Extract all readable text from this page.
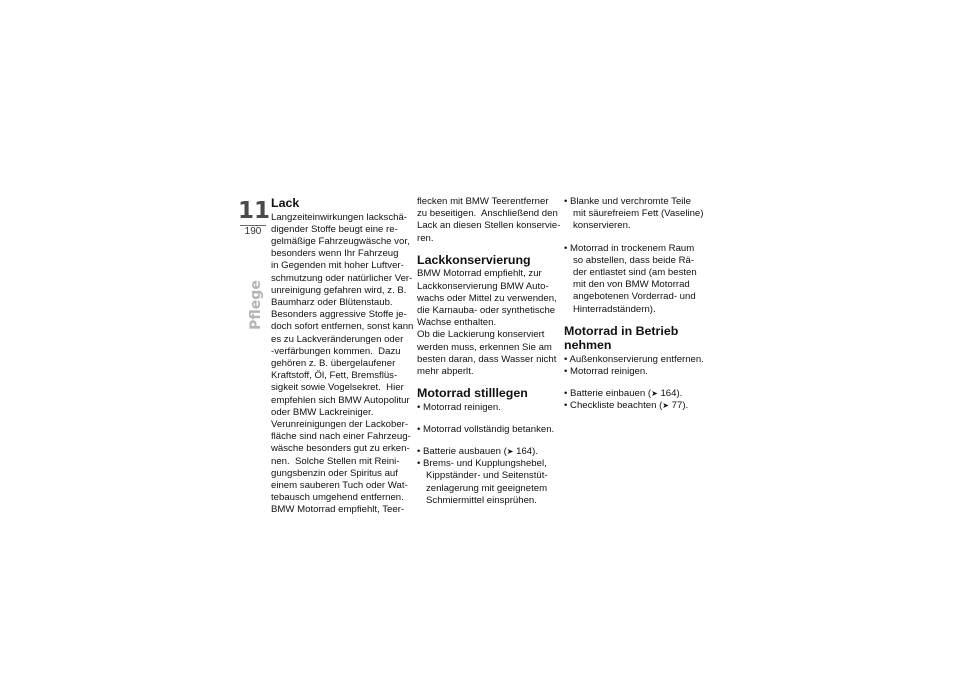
11
190
Pflege
Lack

Langzeiteinwirkungen lackschä-
digender Stoffe beugt eine re-
gelmäßige Fahrzeugwäsche vor,
besonders wenn Ihr Fahrzeug
in Gegenden mit hoher Luftver-
schmutzung oder natürlicher Ver-
unreinigung gefahren wird, z. B.
Baumharz oder Blütenstaub.
Besonders aggressive Stoffe je-
doch sofort entfernen, sonst kann
es zu Lackveränderungen oder
-verfärbungen kommen.  Dazu
gehören z. B. übergelaufener
Kraftstoff, Öl, Fett, Bremsflüs-
sigkeit sowie Vogelsekret.  Hier
empfehlen sich BMW Autopolitur
oder BMW Lackreiniger.
Verunreinigungen der Lackober-
fläche sind nach einer Fahrzeug-
wäsche besonders gut zu erken-
nen.  Solche Stellen mit Reini-
gungsbenzin oder Spiritus auf
einem sauberen Tuch oder Wat-
tebausch umgehend entfernen.
BMW Motorrad empfiehlt, Teer-

flecken mit BMW Teerentferner
zu beseitigen.  Anschließend den
Lack an diesen Stellen konservie-
ren.

Lackkonservierung

BMW Motorrad empfiehlt, zur
Lackkonservierung BMW Auto-
wachs oder Mittel zu verwenden,
die Karnauba- oder synthetische
Wachse enthalten.
Ob die Lackierung konserviert
werden muss, erkennen Sie am
besten daran, dass Wasser nicht
mehr abperlt.

Motorrad stilllegen
• Motorrad reinigen.
• Motorrad vollständig betanken.
• Batterie ausbauen (➤ 164).
• Brems- und Kupplungshebel,
Kippständer- und Seitenstüt-
zenlagerung mit geeignetem
Schmiermittel einsprühen.
• Blanke und verchromte Teile
mit säurefreiem Fett (Vaseline)
konservieren.
• Motorrad in trockenem Raum
so abstellen, dass beide Rä-
der entlastet sind (am besten
mit den von BMW Motorrad
angebotenen Vorderrad- und
Hinterradständern).
Motorrad in Betrieb
nehmen
• Außenkonservierung entfernen.
• Motorrad reinigen.
• Batterie einbauen (➤ 164).
• Checkliste beachten (➤ 77).
